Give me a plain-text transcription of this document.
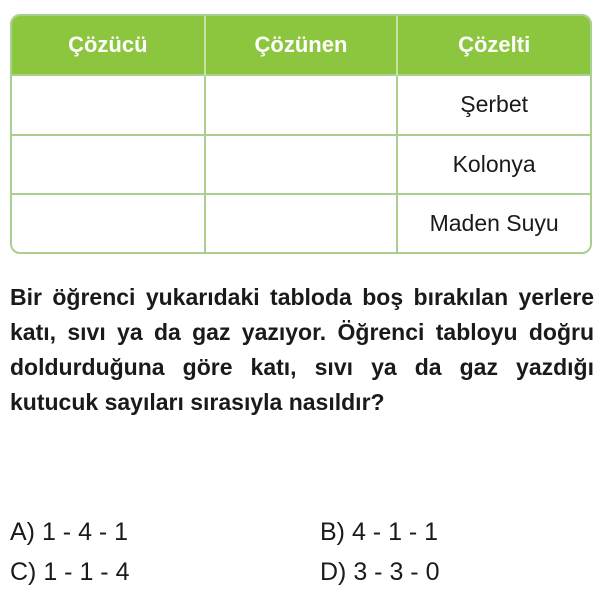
Çözücü	Çözünen	Çözelti
		Şerbet
		Kolonya
		Maden Suyu

Bir öğrenci yukarıdaki tabloda boş bırakılan yerlere katı, sıvı ya da gaz yazıyor. Öğrenci tabloyu doğru doldurduğuna göre katı, sıvı ya da gaz yazdığı kutucuk sayıları sırasıyla nasıldır?

A) 1 - 4 - 1	B) 4 - 1 - 1
C) 1 - 1 - 4	D) 3 - 3 - 0
